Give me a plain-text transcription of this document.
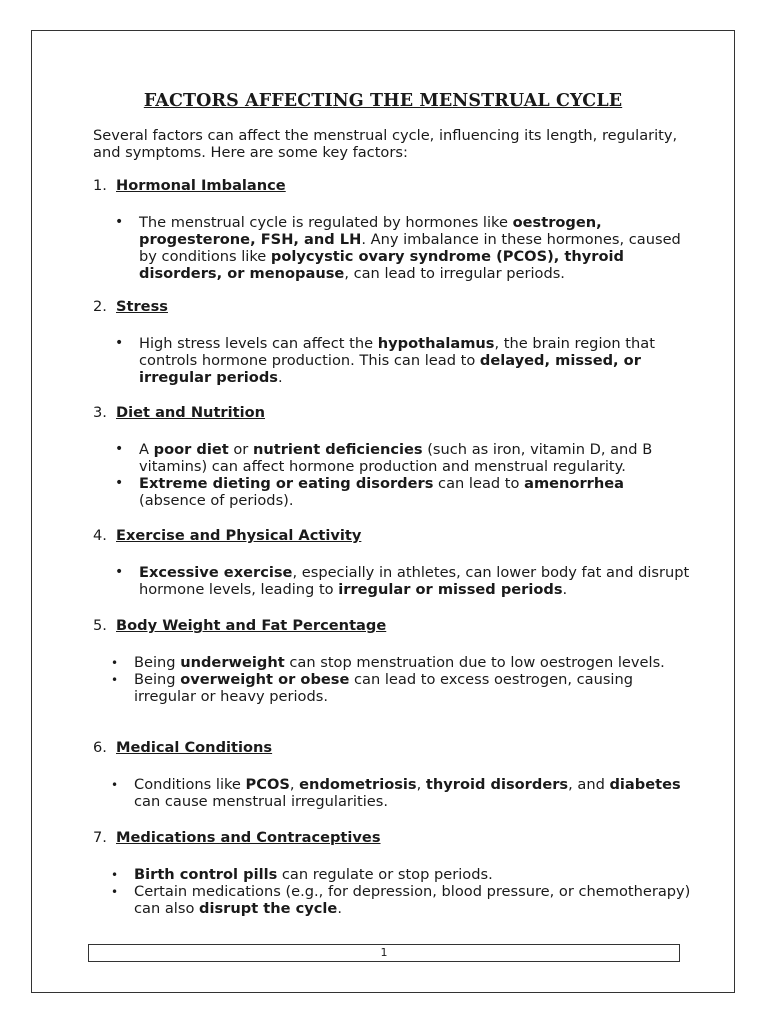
FACTORS AFFECTING THE MENSTRUAL CYCLE
Several factors can affect the menstrual cycle, influencing its length, regularity, and symptoms. Here are some key factors:
1. Hormonal Imbalance
• The menstrual cycle is regulated by hormones like oestrogen, progesterone, FSH, and LH. Any imbalance in these hormones, caused by conditions like polycystic ovary syndrome (PCOS), thyroid disorders, or menopause, can lead to irregular periods.
2. Stress
• High stress levels can affect the hypothalamus, the brain region that controls hormone production. This can lead to delayed, missed, or irregular periods.
3. Diet and Nutrition
• A poor diet or nutrient deficiencies (such as iron, vitamin D, and B vitamins) can affect hormone production and menstrual regularity.
• Extreme dieting or eating disorders can lead to amenorrhea (absence of periods).
4. Exercise and Physical Activity
• Excessive exercise, especially in athletes, can lower body fat and disrupt hormone levels, leading to irregular or missed periods.
5. Body Weight and Fat Percentage
• Being underweight can stop menstruation due to low oestrogen levels.
• Being overweight or obese can lead to excess oestrogen, causing irregular or heavy periods.
6. Medical Conditions
• Conditions like PCOS, endometriosis, thyroid disorders, and diabetes can cause menstrual irregularities.
7. Medications and Contraceptives
• Birth control pills can regulate or stop periods.
• Certain medications (e.g., for depression, blood pressure, or chemotherapy) can also disrupt the cycle.
1
